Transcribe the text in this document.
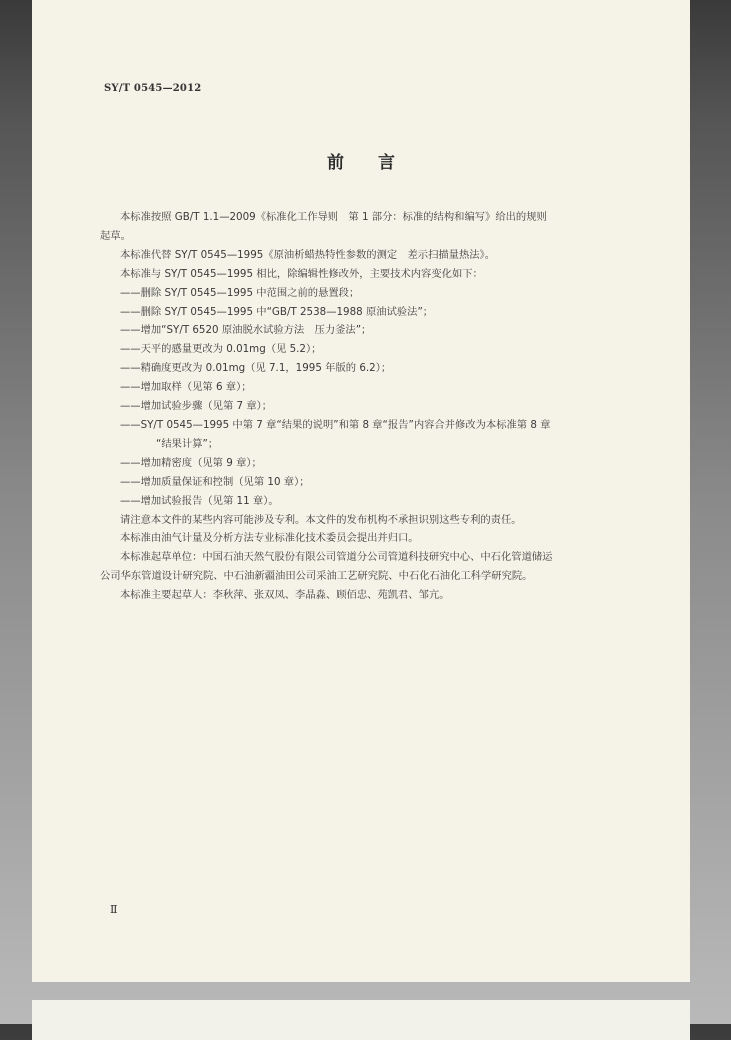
SY/T 0545—2012
前言

本标准按照 GB/T 1.1—2009《标准化工作导则　第 1 部分：标准的结构和编写》给出的规则

起草。

本标准代替 SY/T 0545—1995《原油析蜡热特性参数的测定　差示扫描量热法》。

本标准与 SY/T 0545—1995 相比，除编辑性修改外，主要技术内容变化如下：

——删除 SY/T 0545—1995 中范围之前的悬置段；

——删除 SY/T 0545—1995 中“GB/T 2538—1988 原油试验法”；

——增加“SY/T 6520 原油脱水试验方法　压力釜法”；

——天平的感量更改为 0.01mg（见 5.2）；

——精确度更改为 0.01mg（见 7.1，1995 年版的 6.2）；

——增加取样（见第 6 章）；

——增加试验步骤（见第 7 章）；

——SY/T 0545—1995 中第 7 章“结果的说明”和第 8 章“报告”内容合并修改为本标准第 8 章

“结果计算”；

——增加精密度（见第 9 章）；

——增加质量保证和控制（见第 10 章）；

——增加试验报告（见第 11 章）。

请注意本文件的某些内容可能涉及专利。本文件的发布机构不承担识别这些专利的责任。

本标准由油气计量及分析方法专业标准化技术委员会提出并归口。

本标准起草单位：中国石油天然气股份有限公司管道分公司管道科技研究中心、中石化管道储运

公司华东管道设计研究院、中石油新疆油田公司采油工艺研究院、中石化石油化工科学研究院。

本标准主要起草人：李秋萍、张双凤、李晶淼、顾佰忠、苑凯君、邹亢。

Ⅱ
